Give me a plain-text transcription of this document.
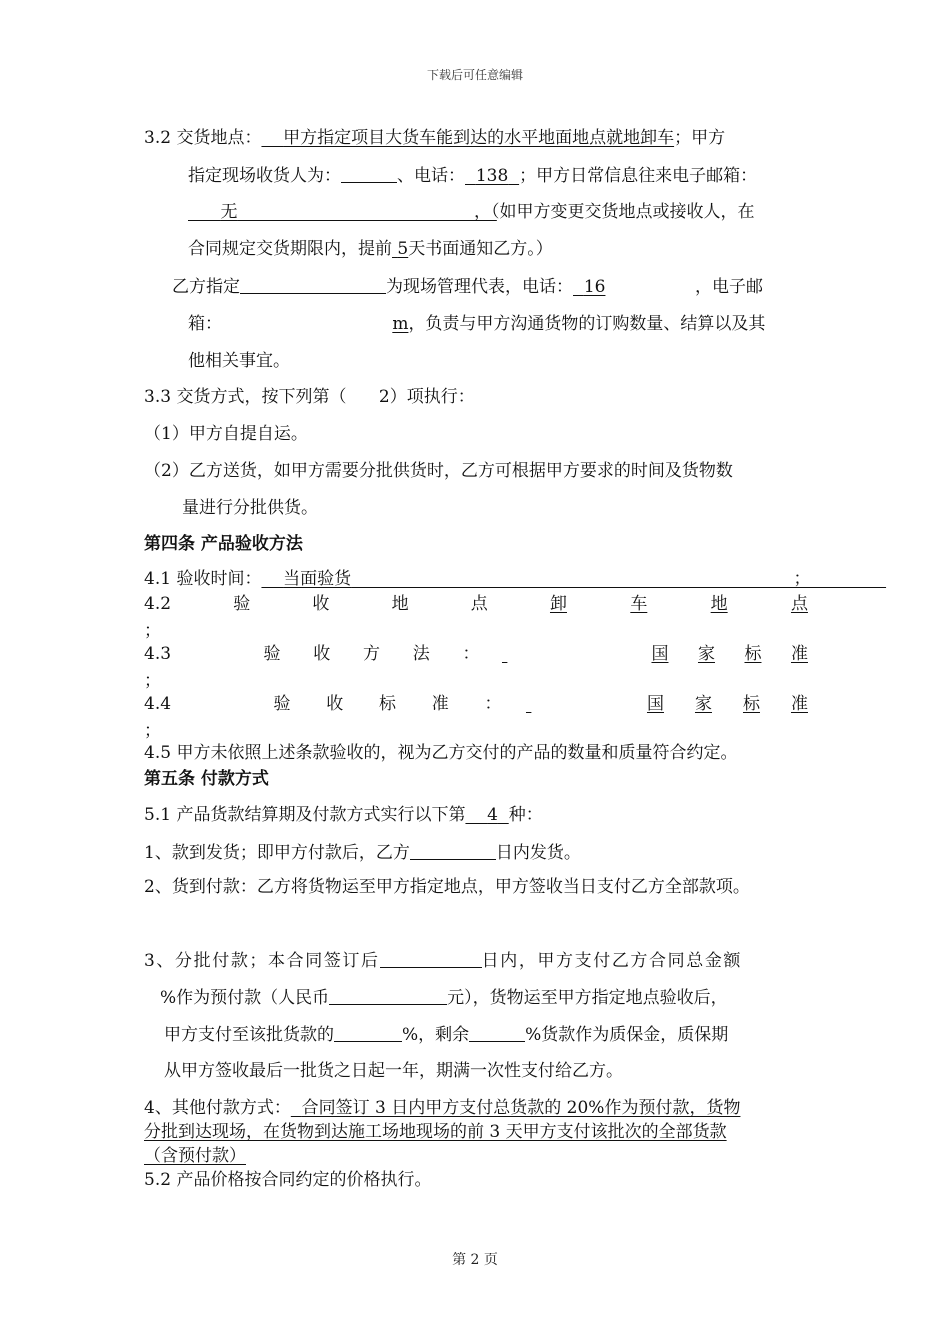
下载后可任意编辑
3.2 交货地点： 甲方指定项目大货车能到达的水平地面地点就地卸车；甲方
指定现场收货人为：	、电话： 138 ；甲方日常信息往来电子邮箱：
无	，（如甲方变更交货地点或接收人，在
合同规定交货期限内，提前 5天书面通知乙方。）
乙方指定	为现场管理代表，电话： 16	，电子邮
箱：	m，负责与甲方沟通货物的订购数量、结算以及其
他相关事宜。
3.3 交货方式，按下列第（ 2）项执行：
（1）甲方自提自运。
（2）乙方送货，如甲方需要分批供货时，乙方可根据甲方要求的时间及货物数
量进行分批供货。
第四条 产品验收方法
4.1 验收时间： 当面验货	；
4.2	验	收	地	点	卸	车	地	点
；
4.3	验 收 方 法 ：
	国 家 标 准
；
4.4	验 收 标 准 ：
	国 家 标 准
；
4.5 甲方未依照上述条款验收的，视为乙方交付的产品的数量和质量符合约定。
第五条 付款方式
5.1 产品货款结算期及付款方式实行以下第 4 种：
1、款到发货；即甲方付款后，乙方	日内发货。
2、货到付款：乙方将货物运至甲方指定地点，甲方签收当日支付乙方全部款项。
3、分批付款；本合同签订后	日内，甲方支付乙方合同总金额
%作为预付款（人民币	元），货物运至甲方指定地点验收后，
甲方支付至该批货款的	%，剩余	%货款作为质保金，质保期
从甲方签收最后一批货之日起一年，期满一次性支付给乙方。
4、其他付款方式： 合同签订 3 日内甲方支付总货款的 20%作为预付款，货物
分批到达现场，在货物到达施工场地现场的前 3 天甲方支付该批次的全部货款
（含预付款）
5.2 产品价格按合同约定的价格执行。
第 2 页
